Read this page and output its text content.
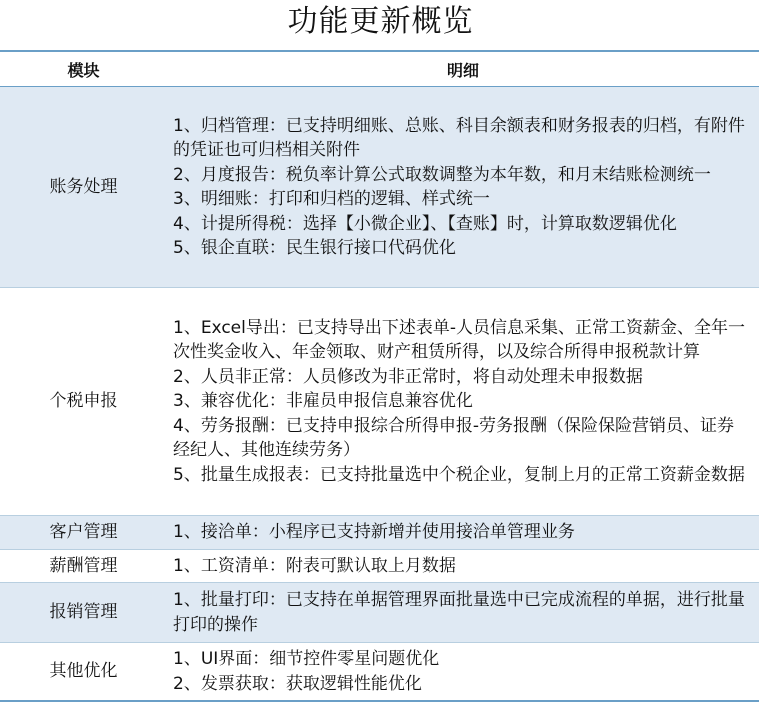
功能更新概览
模块	明细
账务处理	1、归档管理：已支持明细账、总账、科目余额表和财务报表的归档，有附件的凭证也可归档相关附件
2、月度报告：税负率计算公式取数调整为本年数，和月末结账检测统一
3、明细账：打印和归档的逻辑、样式统一
4、计提所得税：选择【小微企业】、【查账】时，计算取数逻辑优化
5、银企直联：民生银行接口代码优化

个税申报	1、Excel导出：已支持导出下述表单-人员信息采集、正常工资薪金、全年一次性奖金收入、年金领取、财产租赁所得，以及综合所得申报税款计算
2、人员非正常：人员修改为非正常时，将自动处理未申报数据
3、兼容优化：非雇员申报信息兼容优化
4、劳务报酬：已支持申报综合所得申报-劳务报酬（保险保险营销员、证券经纪人、其他连续劳务）
5、批量生成报表：已支持批量选中个税企业，复制上月的正常工资薪金数据

客户管理	1、接洽单：小程序已支持新增并使用接洽单管理业务

薪酬管理	1、工资清单：附表可默认取上月数据

报销管理	1、批量打印：已支持在单据管理界面批量选中已完成流程的单据，进行批量打印的操作

其他优化	1、UI界面：细节控件零星问题优化
2、发票获取：获取逻辑性能优化
